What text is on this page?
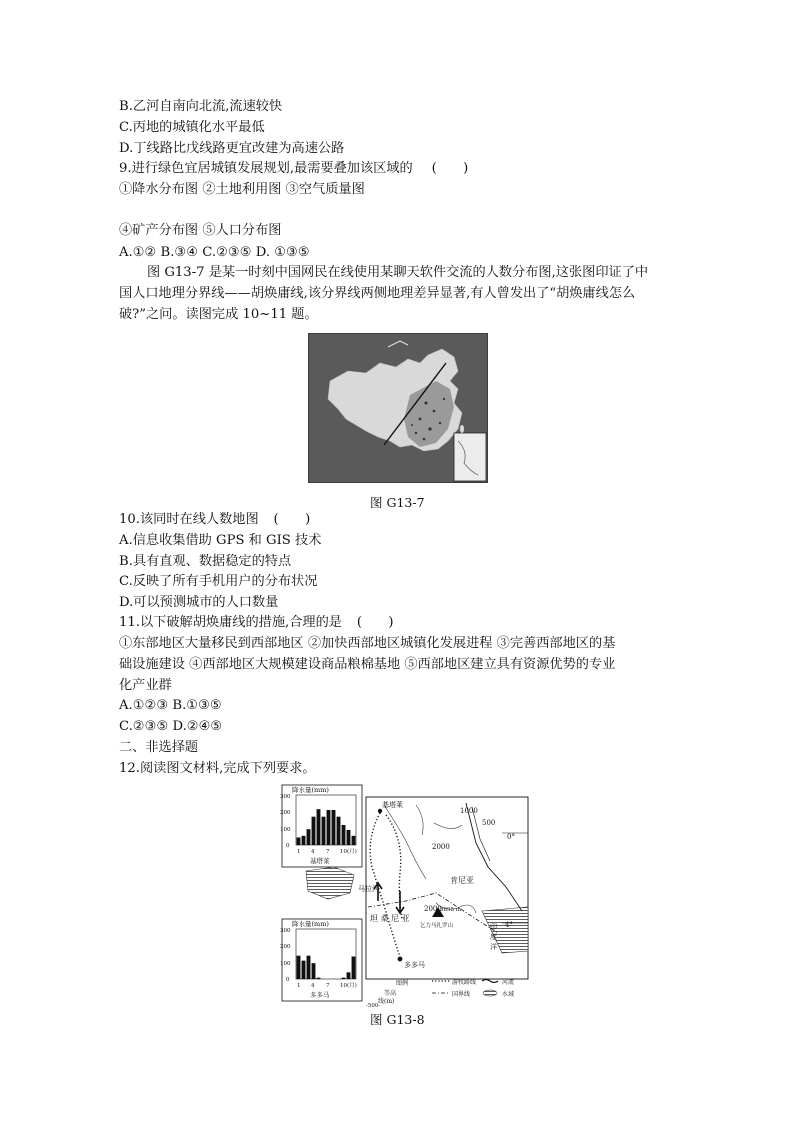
B.乙河自南向北流,流速较快
C.丙地的城镇化水平最低
D.丁线路比戊线路更宜改建为高速公路
9.进行绿色宜居城镇发展规划,最需要叠加该区域的 (   )
①降水分布图 ②土地利用图 ③空气质量图
④矿产分布图 ⑤人口分布图
A.①② B.③④ C.②③⑤ D. ①③⑤
图 G13-7 是某一时刻中国网民在线使用某聊天软件交流的人数分布图,这张图印证了中
国人口地理分界线——胡焕庸线,该分界线两侧地理差异显著,有人曾发出了“胡焕庸线怎么
破?”之问。读图完成 10~11 题。
图 G13-7
10.该同时在线人数地图 (   )
A.信息收集借助 GPS 和 GIS 技术
B.具有直观、数据稳定的特点
C.反映了所有手机用户的分布状况
D.可以预测城市的人口数量
11.以下破解胡焕庸线的措施,合理的是 (   )
①东部地区大量移民到西部地区 ②加快西部地区城镇化发展进程 ③完善西部地区的基
础设施建设 ④西部地区大规模建设商品粮棉基地 ⑤西部地区建立具有资源优势的专业
化产业群
A.①②③ B.①③⑤
C.②③⑤ D.②④⑤
二、非选择题
12.阅读图文材料,完成下列要求。
基塔莱
1000
500
0°
2000
肯尼亚
马拉河
2000
5895 m
乞力马扎罗山	4°
印
度
洋
坦 桑 尼 亚
多多马
降水量(mm)
300
200
100
0
1 4 7 10(月)
基塔莱
降水量(mm)
300
200
100
0
1 4 7 10(月)
多多马
图例
等高线(m)
-500-
游牧路线
国界线
河流
水域
图 G13-8
